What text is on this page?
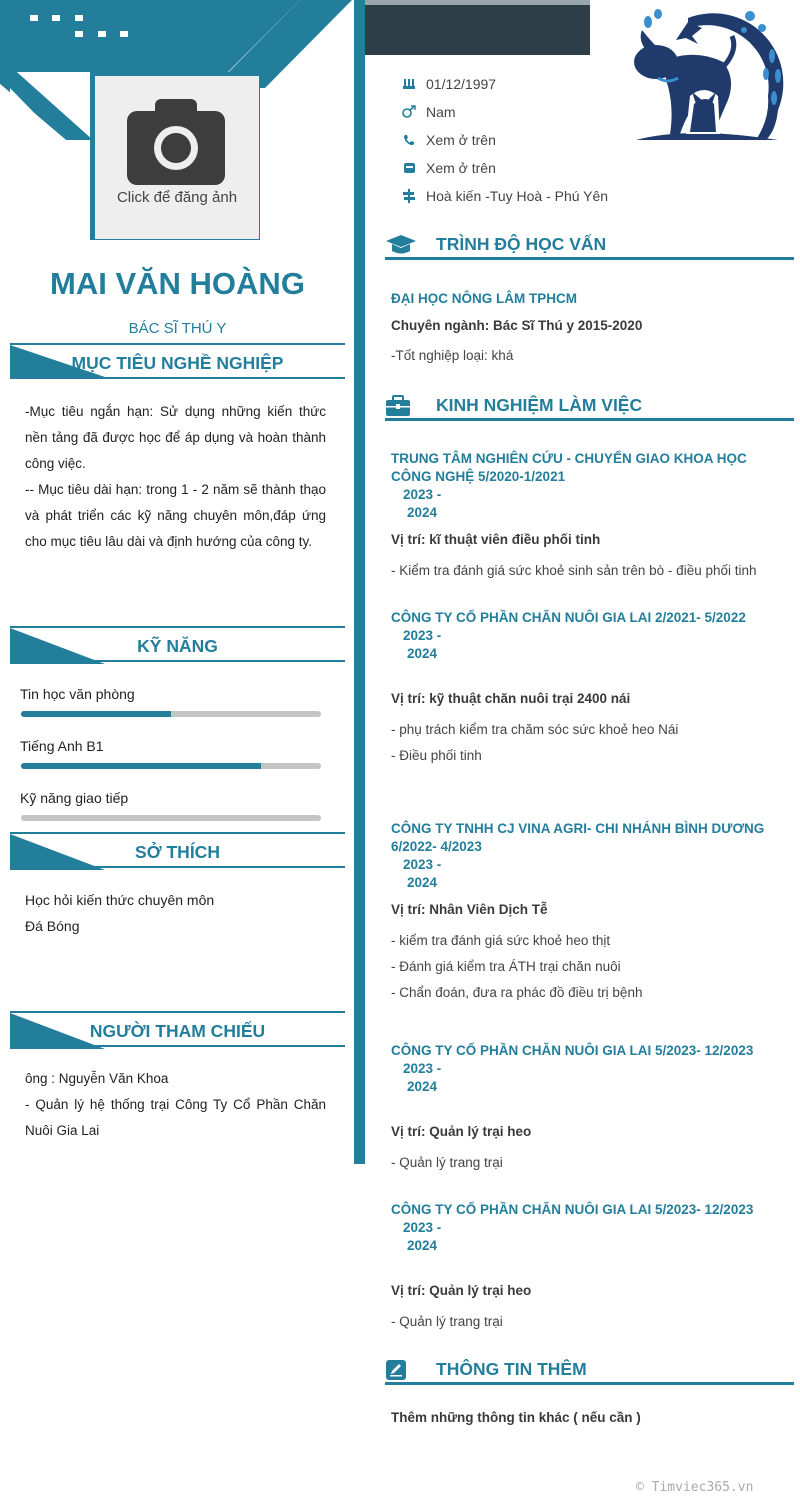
Click để đăng ảnh
MAI VĂN HOÀNG
BÁC SĨ THÚ Y
MỤC TIÊU NGHỀ NGHIỆP

-Mục tiêu ngắn hạn: Sử dụng những kiến thức nền tảng đã được học để áp dụng và hoàn thành công việc.

-- Mục tiêu dài hạn: trong 1 - 2 năm sẽ thành thạo và phát triển các kỹ năng chuyên môn,đáp ứng cho mục tiêu lâu dài và định hướng của công ty.

KỸ NĂNG
Tin học văn phòng
Tiếng Anh B1
Kỹ năng giao tiếp
SỞ THÍCH
Học hỏi kiến thức chuyên môn
Đá Bóng
NGƯỜI THAM CHIẾU

ông : Nguyễn Văn Khoa

- Quản lý hệ thống trại Công Ty Cổ Phần Chăn Nuôi Gia Lai

01/12/1997
Nam
Xem ở trên
Xem ở trên
Hoà kiến -Tuy Hoà - Phú Yên
TRÌNH ĐỘ HỌC VẤN
ĐẠI HỌC NÔNG LÂM TPHCM
Chuyên ngành: Bác Sĩ Thú y 2015-2020
-Tốt nghiệp loại: khá
KINH NGHIỆM LÀM VIỆC
TRUNG TÂM NGHIÊN CỨU - CHUYỂN GIAO KHOA HỌC CÔNG NGHỆ 5/2020-1/2021
2023 -
2024
Vị trí: kĩ thuật viên điều phối tinh
- Kiểm tra đánh giá sức khoẻ sinh sản trên bò - điều phối tinh
CÔNG TY CỔ PHẦN CHĂN NUÔI GIA LAI 2/2021- 5/2022
2023 -
2024
Vị trí: kỹ thuật chăn nuôi trại 2400 nái
- phụ trách kiểm tra chăm sóc sức khoẻ heo Nái
- Điều phối tinh
CÔNG TY TNHH CJ VINA AGRI- CHI NHÁNH BÌNH DƯƠNG 6/2022- 4/2023
2023 -
2024
Vị trí: Nhân Viên Dịch Tễ
- kiểm tra đánh giá sức khoẻ heo thịt
- Đánh giá kiểm tra ÁTH trại chăn nuôi
- Chẩn đoán, đưa ra phác đồ điều trị bệnh
CÔNG TY CỔ PHẦN CHĂN NUÔI GIA LAI 5/2023- 12/2023
2023 -
2024
Vị trí: Quản lý trại heo
- Quản lý trang trại
CÔNG TY CỔ PHẦN CHĂN NUÔI GIA LAI 5/2023- 12/2023
2023 -
2024
Vị trí: Quản lý trại heo
- Quản lý trang trại
THÔNG TIN THÊM
Thêm những thông tin khác ( nếu cần )
© Timviec365.vn
